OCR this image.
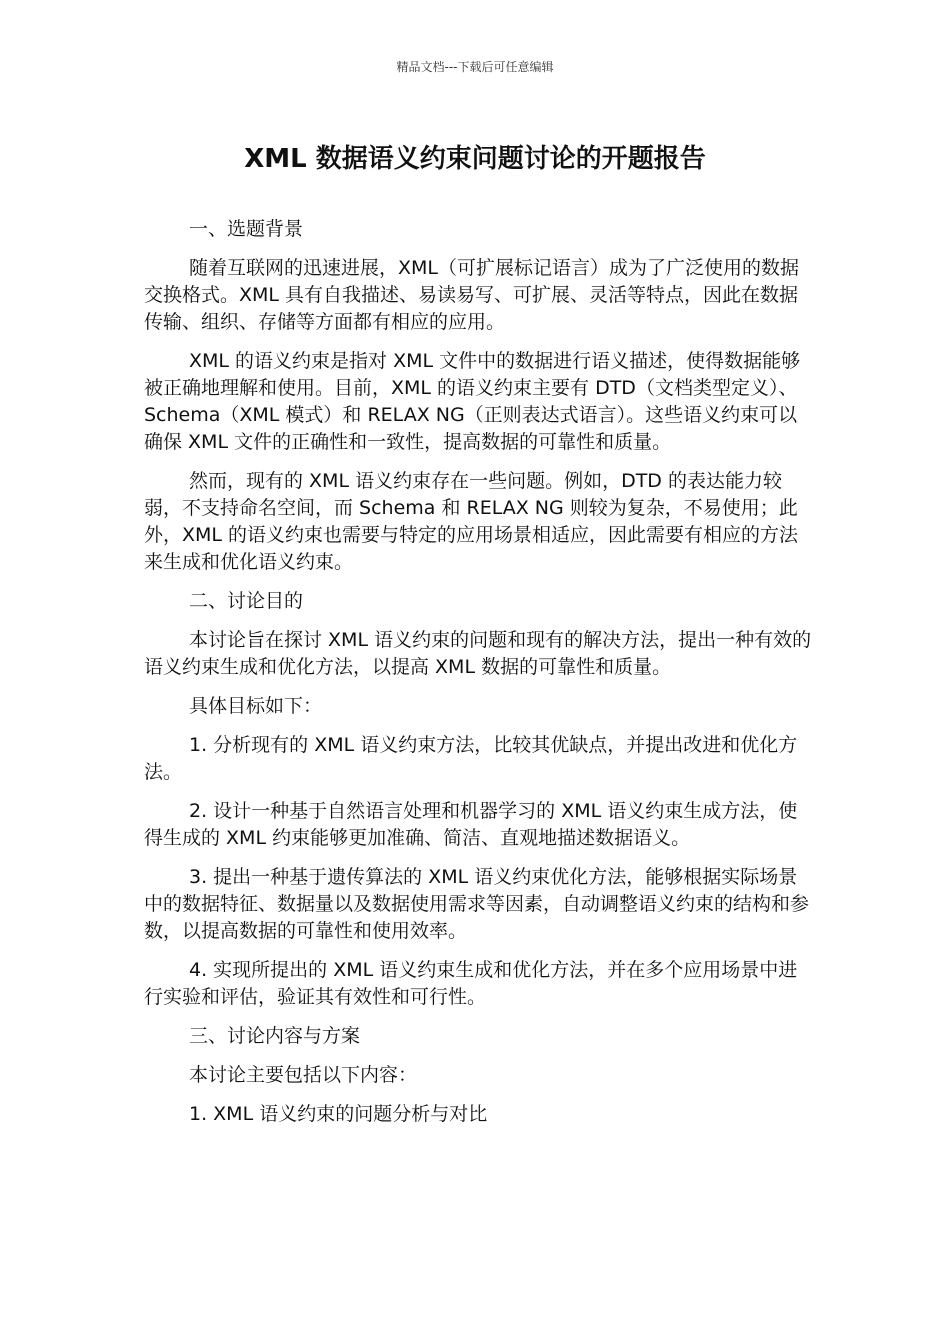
精品文档---下载后可任意编辑
XML 数据语义约束问题讨论的开题报告

一、选题背景

随着互联网的迅速进展，XML（可扩展标记语言）成为了广泛使用的数据交换格式。XML 具有自我描述、易读易写、可扩展、灵活等特点，因此在数据传输、组织、存储等方面都有相应的应用。

XML 的语义约束是指对 XML 文件中的数据进行语义描述，使得数据能够被正确地理解和使用。目前，XML 的语义约束主要有 DTD（文档类型定义）、Schema（XML 模式）和 RELAX NG（正则表达式语言）。这些语义约束可以确保 XML 文件的正确性和一致性，提高数据的可靠性和质量。

然而，现有的 XML 语义约束存在一些问题。例如，DTD 的表达能力较弱，不支持命名空间，而 Schema 和 RELAX NG 则较为复杂，不易使用；此外，XML 的语义约束也需要与特定的应用场景相适应，因此需要有相应的方法来生成和优化语义约束。

二、讨论目的

本讨论旨在探讨 XML 语义约束的问题和现有的解决方法，提出一种有效的语义约束生成和优化方法，以提高 XML 数据的可靠性和质量。

具体目标如下：

1. 分析现有的 XML 语义约束方法，比较其优缺点，并提出改进和优化方法。

2. 设计一种基于自然语言处理和机器学习的 XML 语义约束生成方法，使得生成的 XML 约束能够更加准确、简洁、直观地描述数据语义。

3. 提出一种基于遗传算法的 XML 语义约束优化方法，能够根据实际场景中的数据特征、数据量以及数据使用需求等因素，自动调整语义约束的结构和参数，以提高数据的可靠性和使用效率。

4. 实现所提出的 XML 语义约束生成和优化方法，并在多个应用场景中进行实验和评估，验证其有效性和可行性。

三、讨论内容与方案

本讨论主要包括以下内容：

1. XML 语义约束的问题分析与对比
